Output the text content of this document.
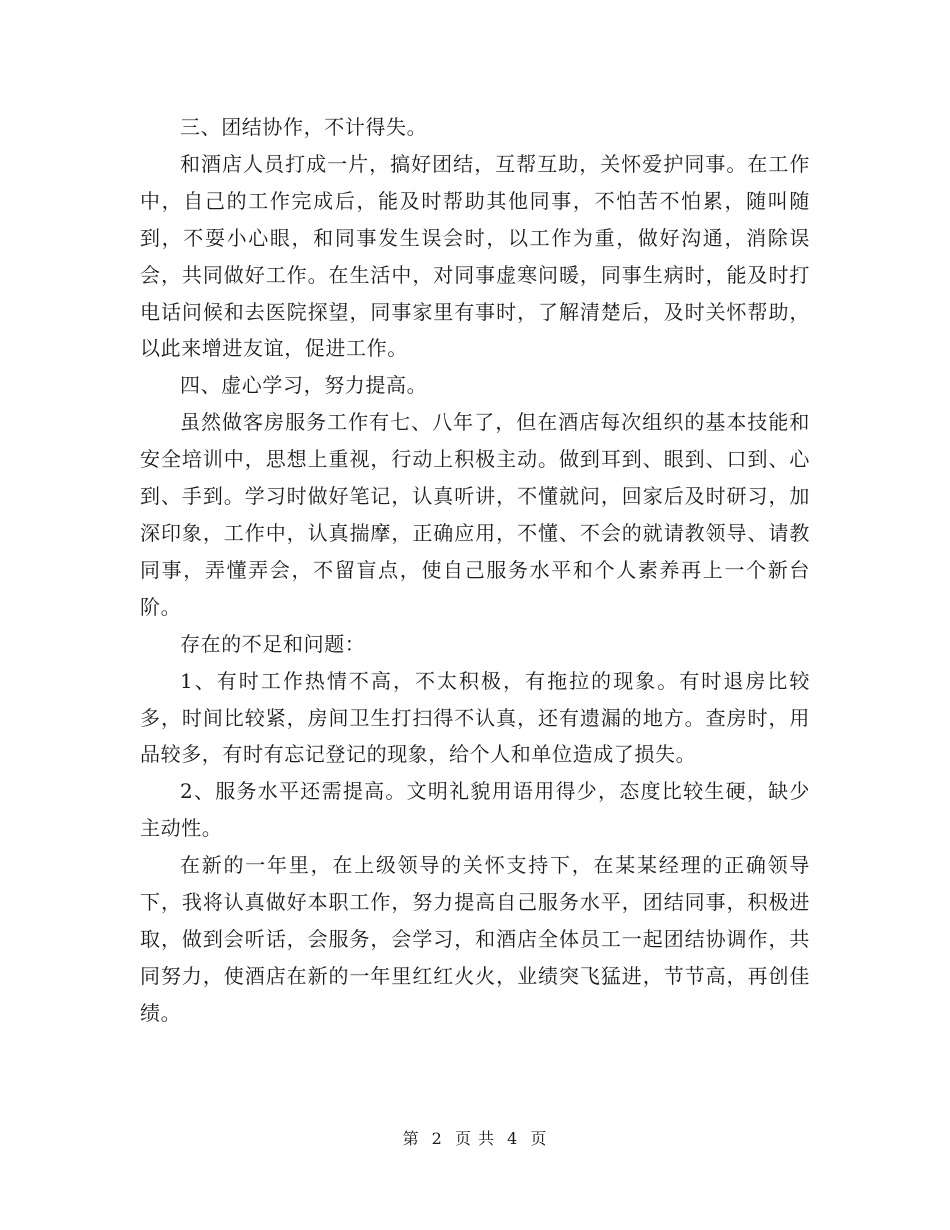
三、团结协作，不计得失。

和酒店人员打成一片，搞好团结，互帮互助，关怀爱护同事。在工作中，自己的工作完成后，能及时帮助其他同事，不怕苦不怕累，随叫随到，不耍小心眼，和同事发生误会时，以工作为重，做好沟通，消除误会，共同做好工作。在生活中，对同事虚寒问暖，同事生病时，能及时打电话问候和去医院探望，同事家里有事时，了解清楚后，及时关怀帮助，以此来增进友谊，促进工作。

四、虚心学习，努力提高。

虽然做客房服务工作有七、八年了，但在酒店每次组织的基本技能和安全培训中，思想上重视，行动上积极主动。做到耳到、眼到、口到、心到、手到。学习时做好笔记，认真听讲，不懂就问，回家后及时研习，加深印象，工作中，认真揣摩，正确应用，不懂、不会的就请教领导、请教同事，弄懂弄会，不留盲点，使自己服务水平和个人素养再上一个新台阶。

存在的不足和问题：

1、有时工作热情不高，不太积极，有拖拉的现象。有时退房比较多，时间比较紧，房间卫生打扫得不认真，还有遗漏的地方。查房时，用品较多，有时有忘记登记的现象，给个人和单位造成了损失。

2、服务水平还需提高。文明礼貌用语用得少，态度比较生硬，缺少主动性。

在新的一年里，在上级领导的关怀支持下，在某某经理的正确领导下，我将认真做好本职工作，努力提高自己服务水平，团结同事，积极进取，做到会听话，会服务，会学习，和酒店全体员工一起团结协调作，共同努力，使酒店在新的一年里红红火火，业绩突飞猛进，节节高，再创佳绩。

第 2 页 共 4 页
